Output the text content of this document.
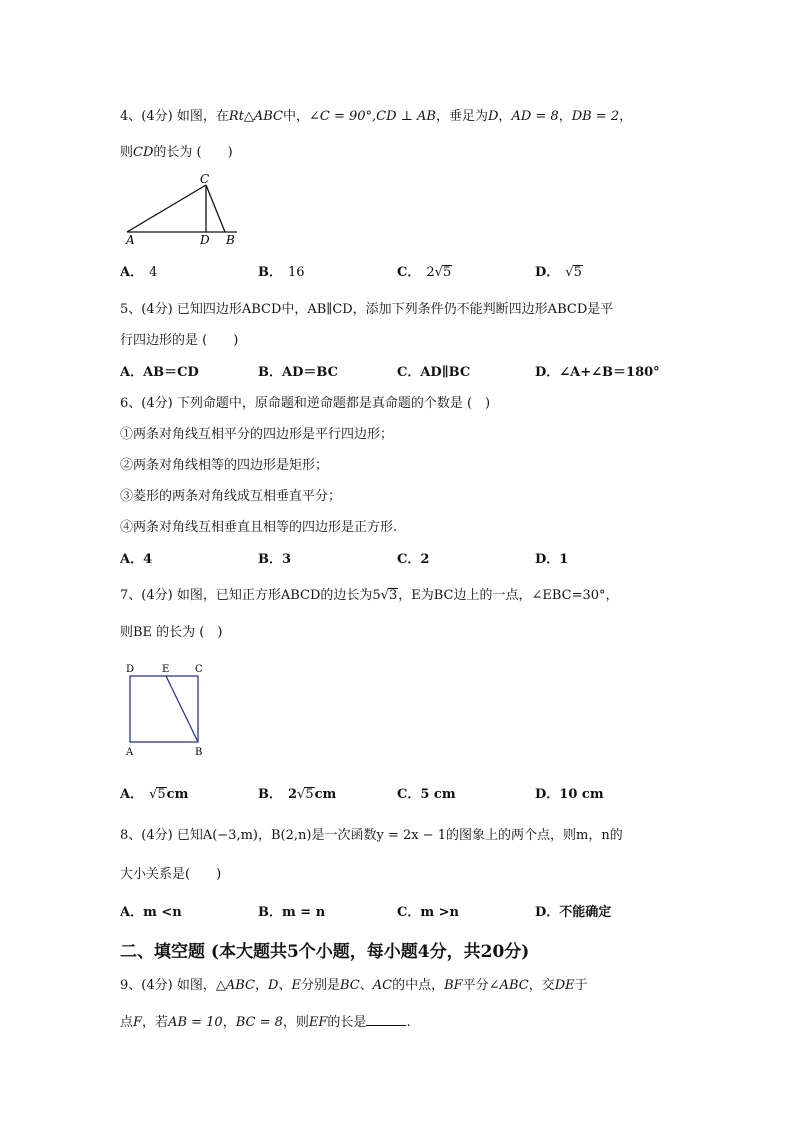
4、(4分) 如图，在Rt△ABC中，∠C = 90°,CD ⊥ AB，垂足为D，AD = 8，DB = 2，
则CD的长为 (　　)
C
A	D B
A． 4	B． 16	C． 2√5	D． √5
5、(4分) 已知四边形ABCD中，AB∥CD，添加下列条件仍不能判断四边形ABCD是平
行四边形的是 (　　)
A．AB＝CD	B．AD＝BC	C．AD∥BC	D．∠A+∠B＝180°
6、(4分) 下列命题中，原命题和逆命题都是真命题的个数是 (　)
①两条对角线互相平分的四边形是平行四边形；
②两条对角线相等的四边形是矩形；
③菱形的两条对角线成互相垂直平分；
④两条对角线互相垂直且相等的四边形是正方形.
A．4	B．3	C．2	D．1
7、(4分) 如图，已知正方形ABCD的边长为5√3，E为BC边上的一点，∠EBC=30°，
则BE 的长为 (　)
D	E	C
A	B
A． √5cm	B． 2√5cm	C．5 cm	D．10 cm
8、(4分) 已知A(−3,m)，B(2,n)是一次函数y = 2x − 1的图象上的两个点，则m，n的
大小关系是(　　)
A．m <n	B．m = n	C．m >n	D．不能确定
二、填空题 (本大题共5个小题，每小题4分，共20分)
9、(4分) 如图，△ABC，D、E分别是BC、AC的中点，BF平分∠ABC，交DE于
点F，若AB = 10，BC = 8，则EF的长是	.
